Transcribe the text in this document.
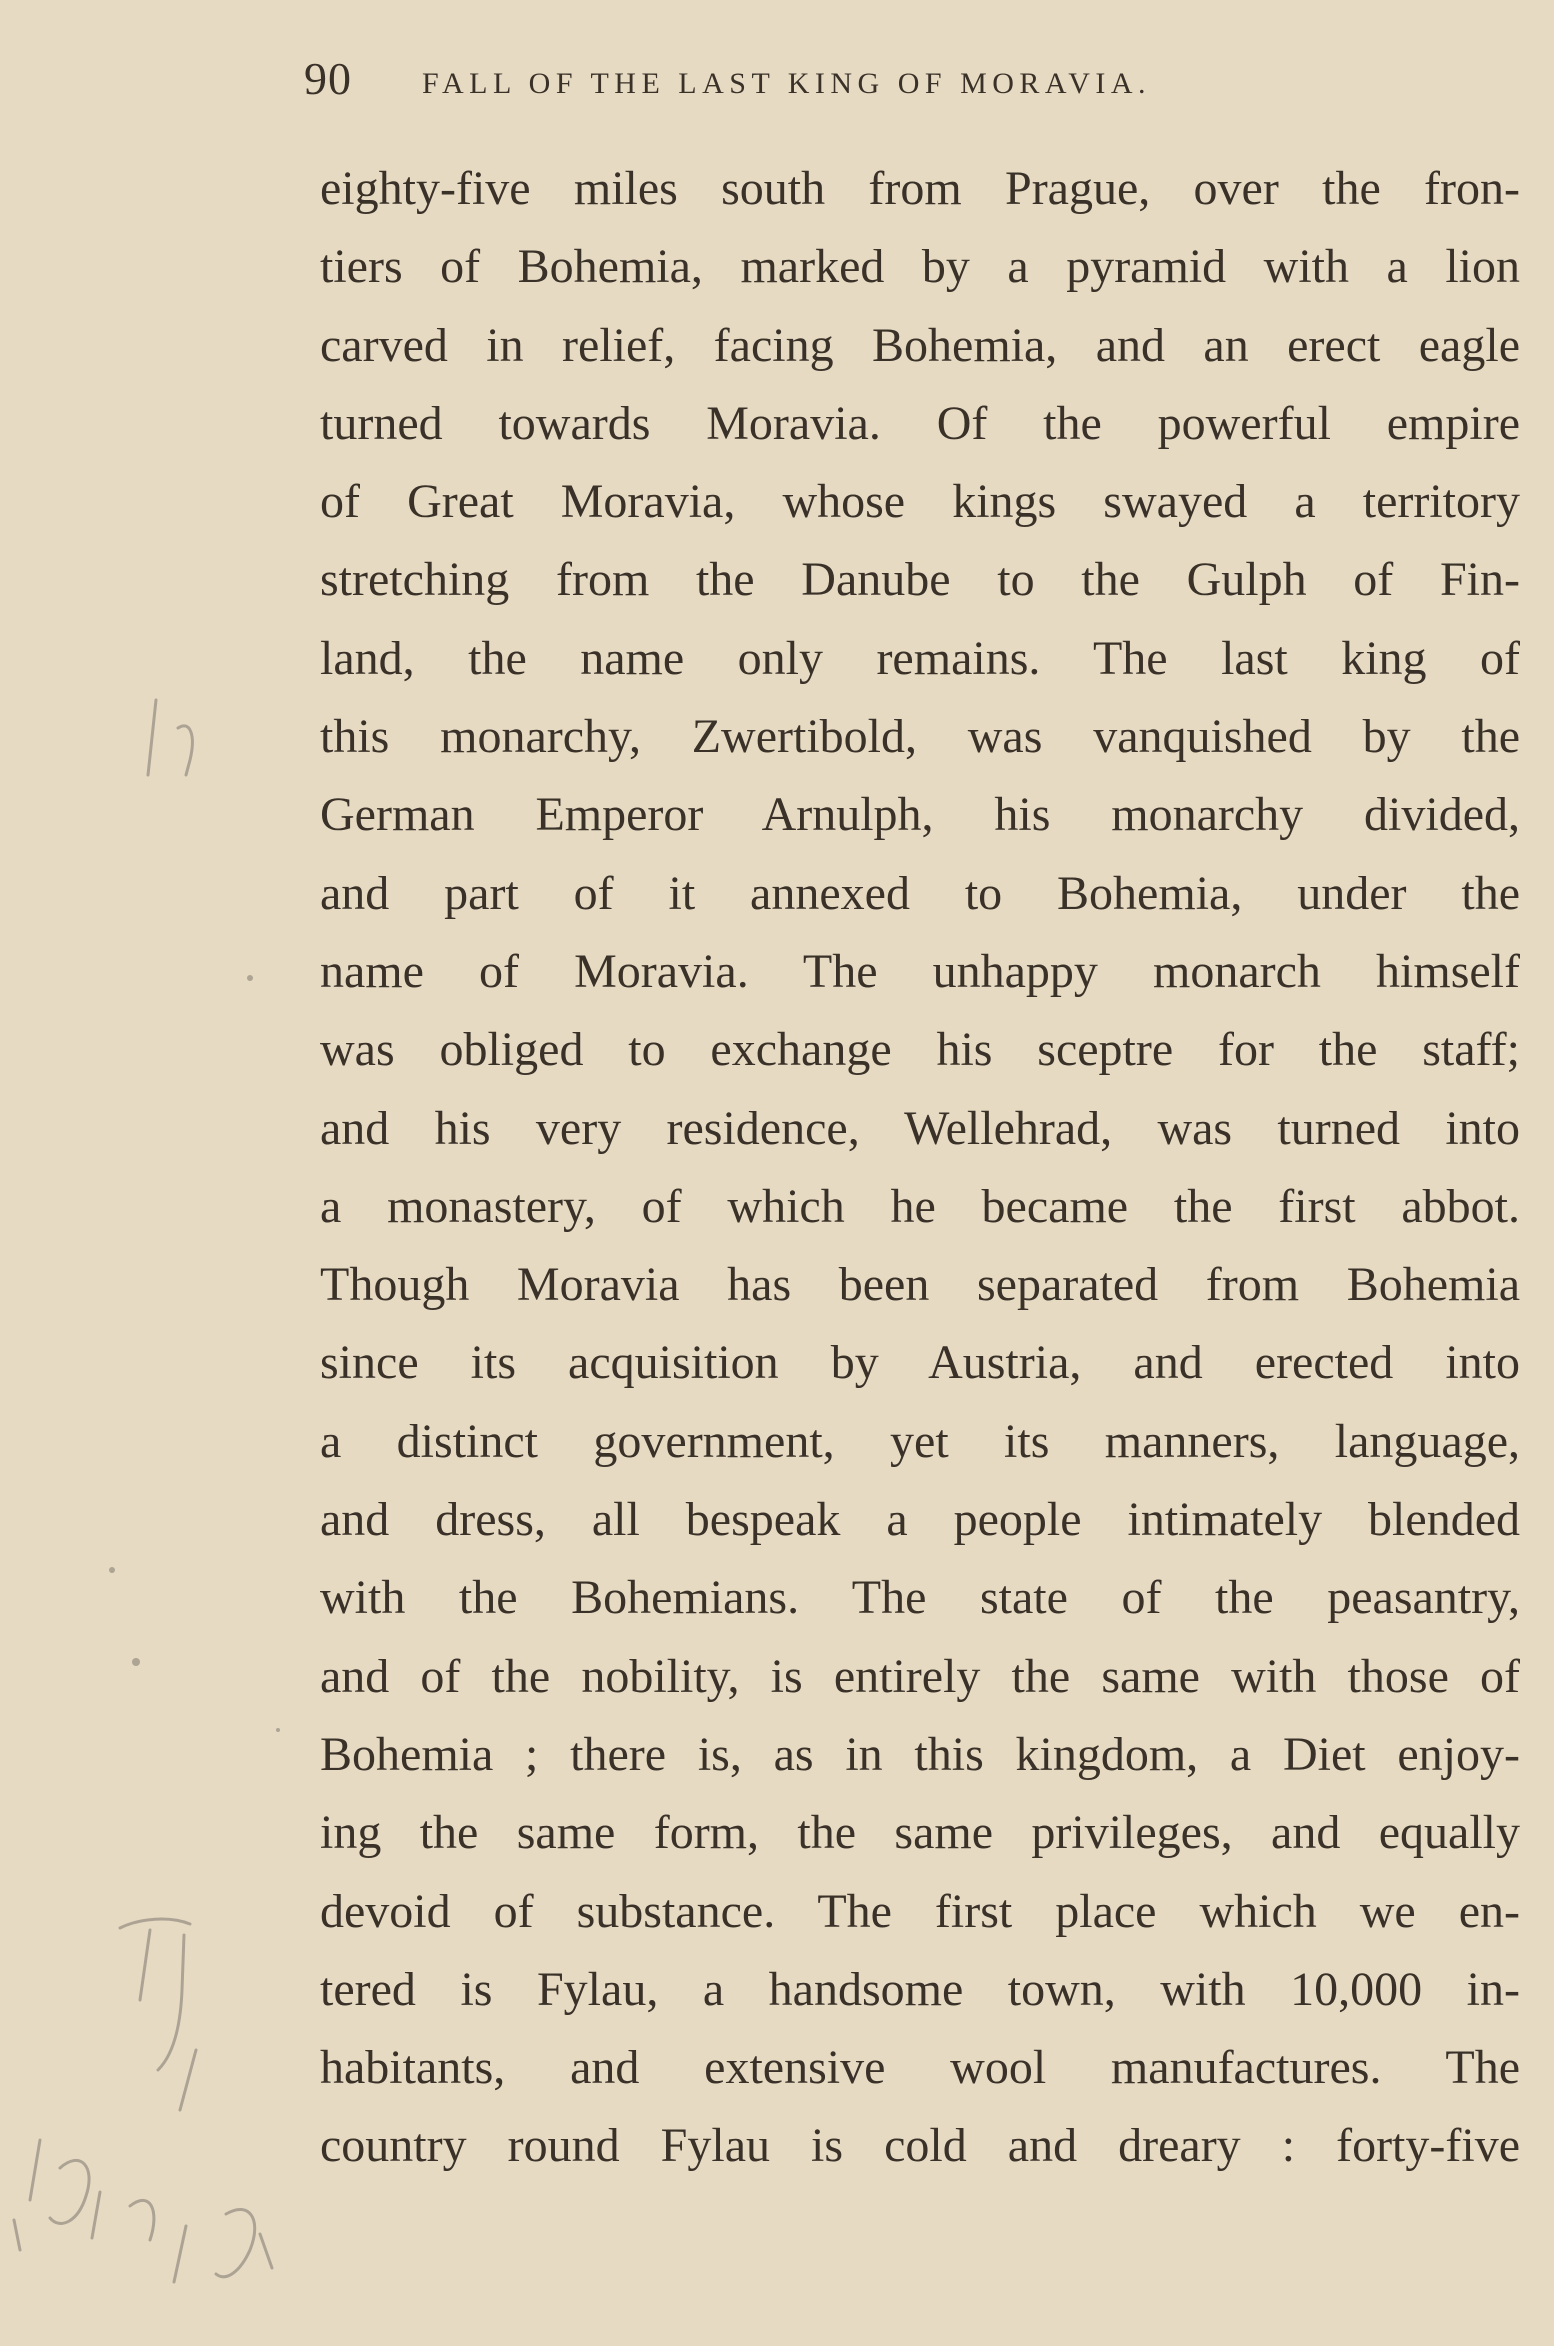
90 FALL OF THE LAST KING OF MORAVIA.
eighty-five miles south from Prague, over the fron-
tiers of Bohemia, marked by a pyramid with a lion
carved in relief, facing Bohemia, and an erect eagle
turned towards Moravia. Of the powerful empire
of Great Moravia, whose kings swayed a territory
stretching from the Danube to the Gulph of Fin-
land, the name only remains. The last king of
this monarchy, Zwertibold, was vanquished by the
German Emperor Arnulph, his monarchy divided,
and part of it annexed to Bohemia, under the
name of Moravia. The unhappy monarch himself
was obliged to exchange his sceptre for the staff;
and his very residence, Wellehrad, was turned into
a monastery, of which he became the first abbot.
Though Moravia has been separated from Bohemia
since its acquisition by Austria, and erected into
a distinct government, yet its manners, language,
and dress, all bespeak a people intimately blended
with the Bohemians. The state of the peasantry,
and of the nobility, is entirely the same with those of
Bohemia ; there is, as in this kingdom, a Diet enjoy-
ing the same form, the same privileges, and equally
devoid of substance. The first place which we en-
tered is Fylau, a handsome town, with 10,000 in-
habitants, and extensive wool manufactures. The
country round Fylau is cold and dreary : forty-five
